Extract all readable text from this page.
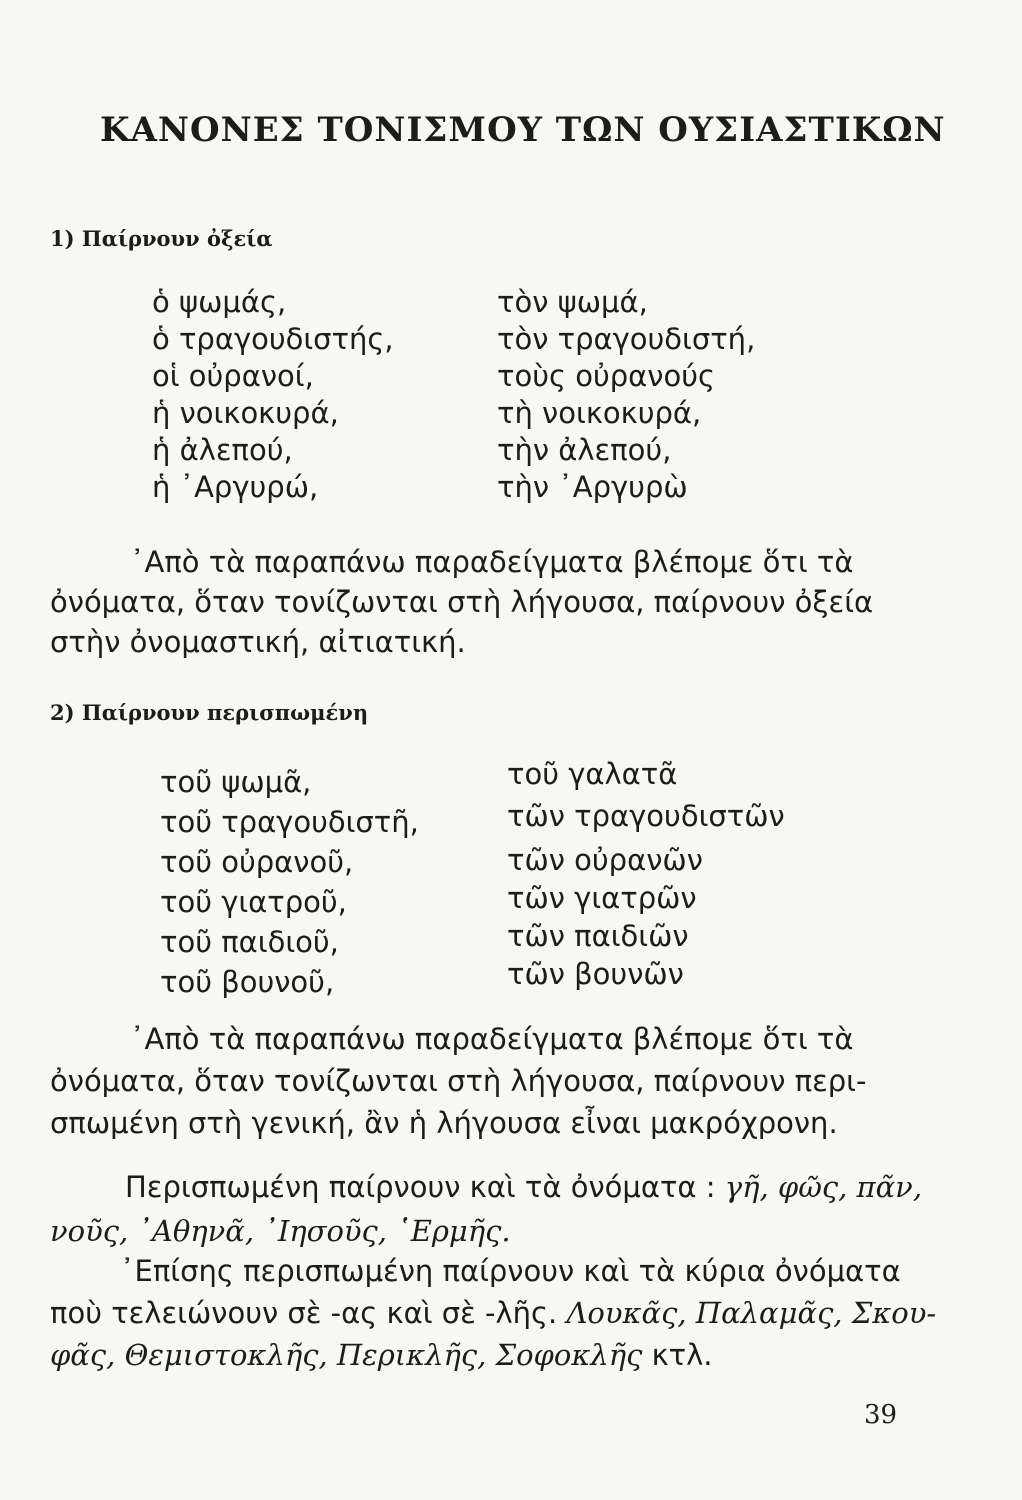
ΚΑΝΟΝΕΣ ΤΟΝΙΣΜΟΥ ΤΩΝ ΟΥΣΙΑΣΤΙΚΩΝ
1) Παίρνουν ὀξεία
ὁ ψωμάς,
ὁ τραγουδιστής,
οἱ οὐρανοί,
ἡ νοικοκυρά,
ἡ ἀλεπού,
ἡ ᾿Αργυρώ,
τὸν ψωμά,
τὸν τραγουδιστή,
τοὺς οὐρανούς
τὴ νοικοκυρά,
τὴν ἀλεπού,
τὴν ᾿Αργυρὼ
᾿Απὸ τὰ παραπάνω παραδείγματα βλέπομε ὅτι τὰ
ὀνόματα, ὅταν τονίζωνται στὴ λήγουσα, παίρνουν ὀξεία
στὴν ὀνομαστική, αἰτιατική.
2) Παίρνουν περισπωμένη
τοῦ ψωμᾶ,
τοῦ τραγουδιστῆ,
τοῦ οὐρανοῦ,
τοῦ γιατροῦ,
τοῦ παιδιοῦ,
τοῦ βουνοῦ,
τοῦ γαλατᾶ
τῶν τραγουδιστῶν
τῶν οὐρανῶν
τῶν γιατρῶν
τῶν παιδιῶν
τῶν βουνῶν
᾿Απὸ τὰ παραπάνω παραδείγματα βλέπομε ὅτι τὰ
ὀνόματα, ὅταν τονίζωνται στὴ λήγουσα, παίρνουν περι-
σπωμένη στὴ γενική, ἂν ἡ λήγουσα εἶναι μακρόχρονη.
Περισπωμένη παίρνουν καὶ τὰ ὀνόματα : γῆ, φῶς, πᾶν,
νοῦς, ᾿Αθηνᾶ, ᾿Ιησοῦς, ῾Ερμῆς.
᾿Επίσης περισπωμένη παίρνουν καὶ τὰ κύρια ὀνόματα
ποὺ τελειώνουν σὲ -ας καὶ σὲ -λῆς. Λουκᾶς, Παλαμᾶς, Σκου-
φᾶς, Θεμιστοκλῆς, Περικλῆς, Σοφοκλῆς κτλ.
39
